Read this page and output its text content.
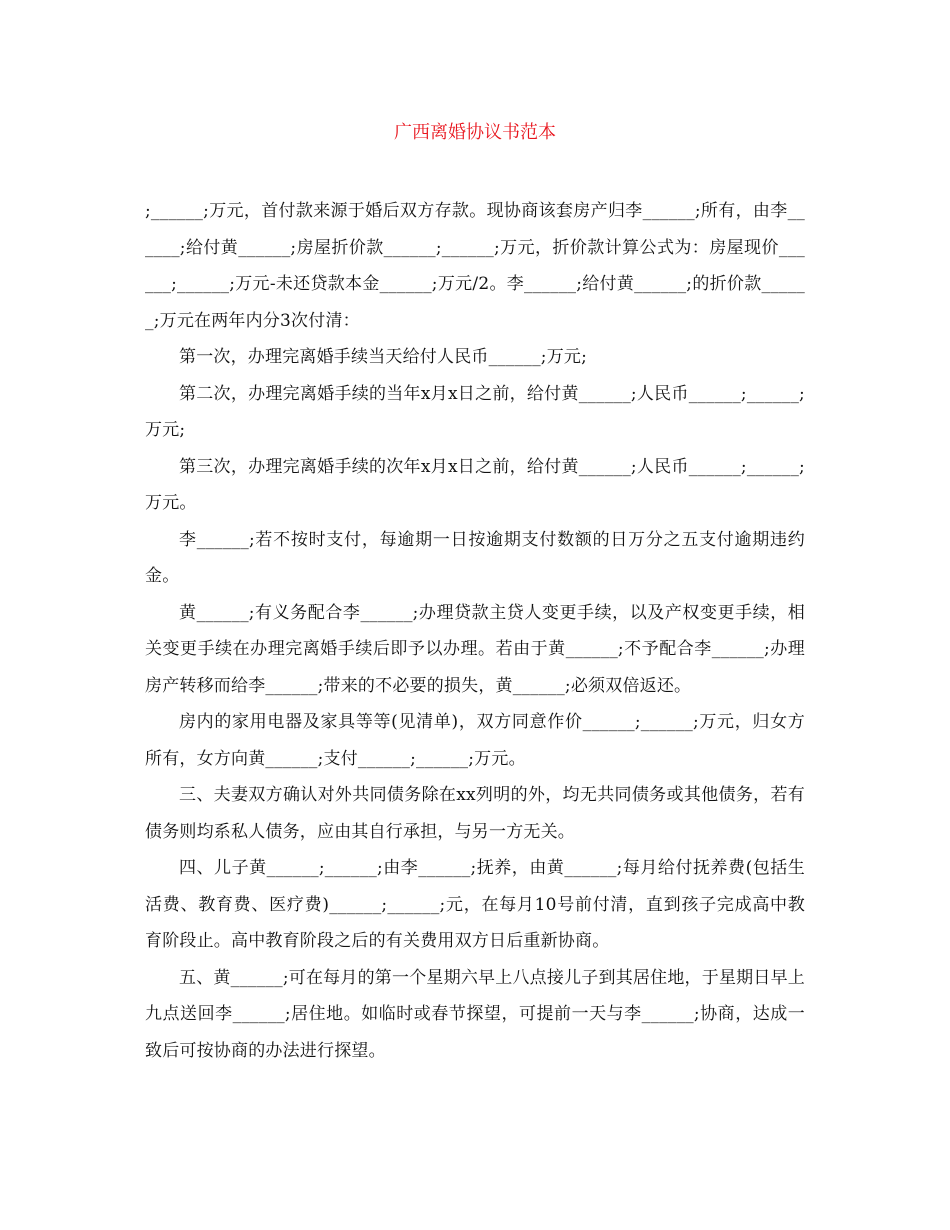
广西离婚协议书范本

;______;万元，首付款来源于婚后双方存款。现协商该套房产归李______;所有，由李______;给付黄______;房屋折价款______;______;万元，折价款计算公式为：房屋现价______;______;万元-未还贷款本金______;万元/2。李______;给付黄______;的折价款______;万元在两年内分3次付清：

第一次，办理完离婚手续当天给付人民币______;万元;

第二次，办理完离婚手续的当年x月x日之前，给付黄______;人民币______;______;万元;

第三次，办理完离婚手续的次年x月x日之前，给付黄______;人民币______;______;万元。

李______;若不按时支付，每逾期一日按逾期支付数额的日万分之五支付逾期违约金。

黄______;有义务配合李______;办理贷款主贷人变更手续，以及产权变更手续，相关变更手续在办理完离婚手续后即予以办理。若由于黄______;不予配合李______;办理房产转移而给李______;带来的不必要的损失，黄______;必须双倍返还。

房内的家用电器及家具等等(见清单)，双方同意作价______;______;万元，归女方所有，女方向黄______;支付______;______;万元。

三、夫妻双方确认对外共同债务除在xx列明的外，均无共同债务或其他债务，若有债务则均系私人债务，应由其自行承担，与另一方无关。

四、儿子黄______;______;由李______;抚养，由黄______;每月给付抚养费(包括生活费、教育费、医疗费)______;______;元，在每月10号前付清，直到孩子完成高中教育阶段止。高中教育阶段之后的有关费用双方日后重新协商。

五、黄______;可在每月的第一个星期六早上八点接儿子到其居住地，于星期日早上九点送回李______;居住地。如临时或春节探望，可提前一天与李______;协商，达成一致后可按协商的办法进行探望。
